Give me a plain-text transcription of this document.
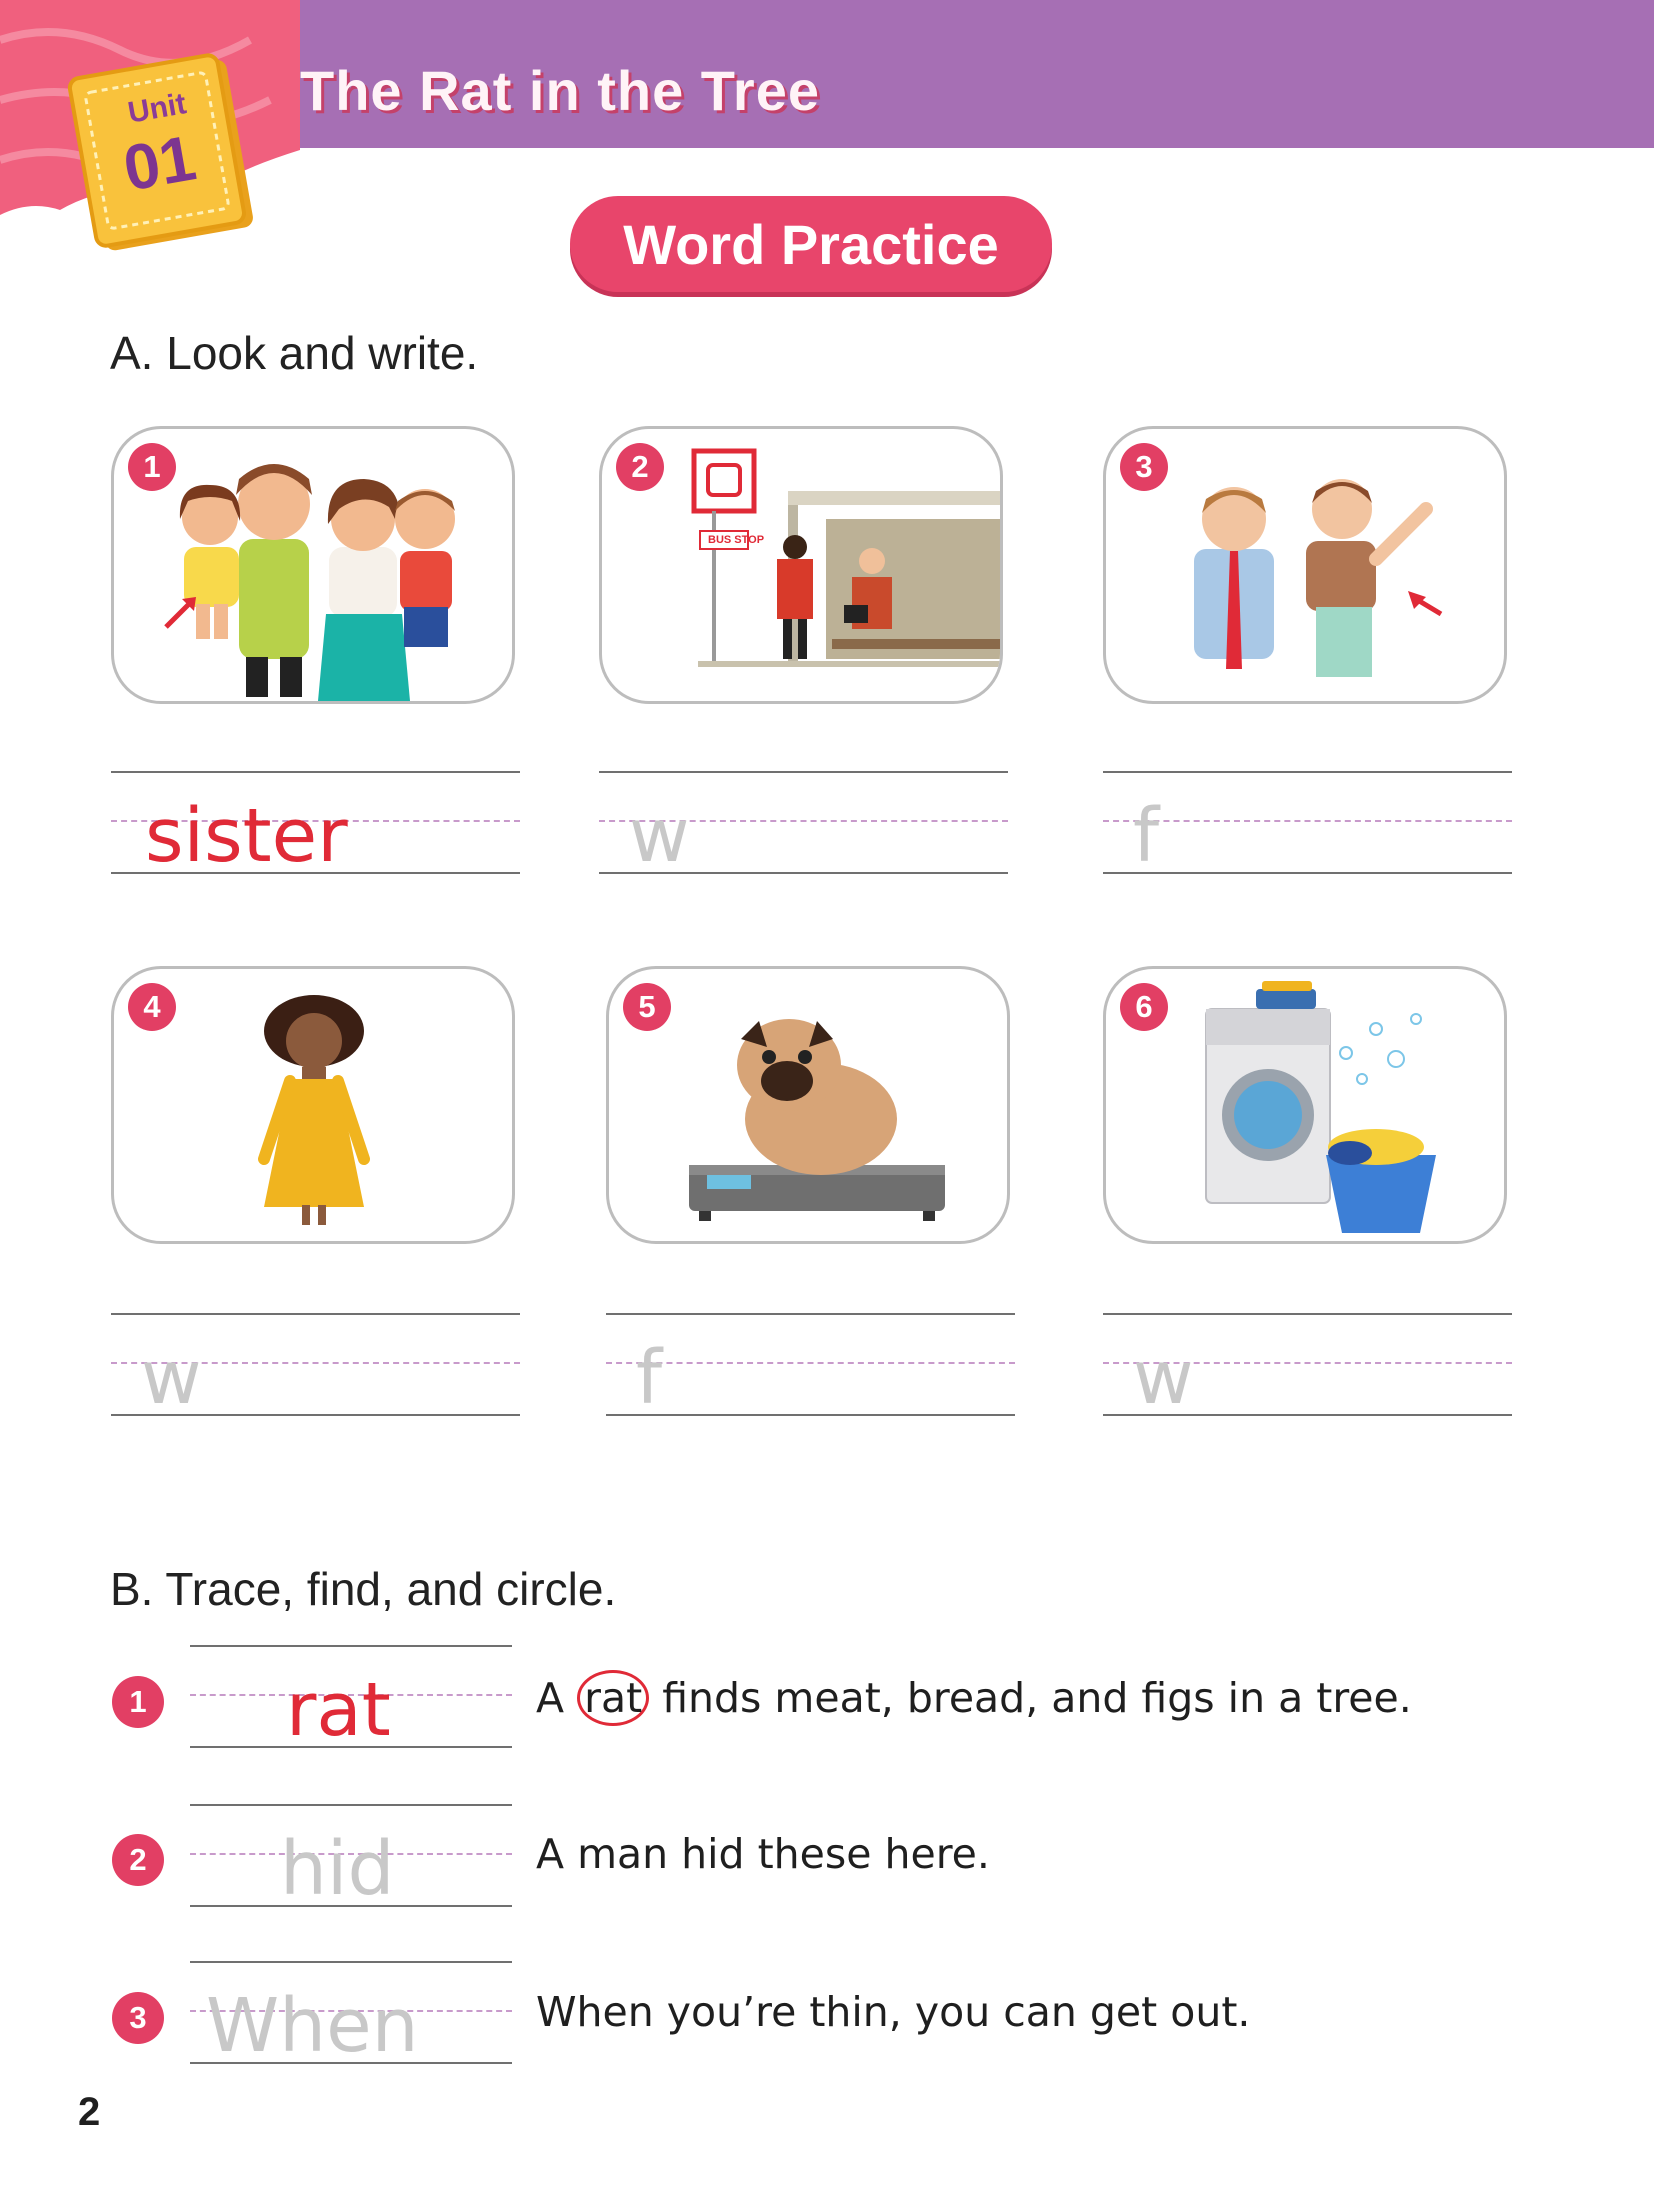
Unit
01
The Rat in the Tree
Word Practice
A. Look and write.
1
BUS STOP
2	3
sister	w	f
4	5	6
w	f	w
B. Trace, find, and circle.
1 rat	A rat finds meat, bread, and figs in a tree.
2 hid	A man hid these here.
3 When	When you’re thin, you can get out.
2
